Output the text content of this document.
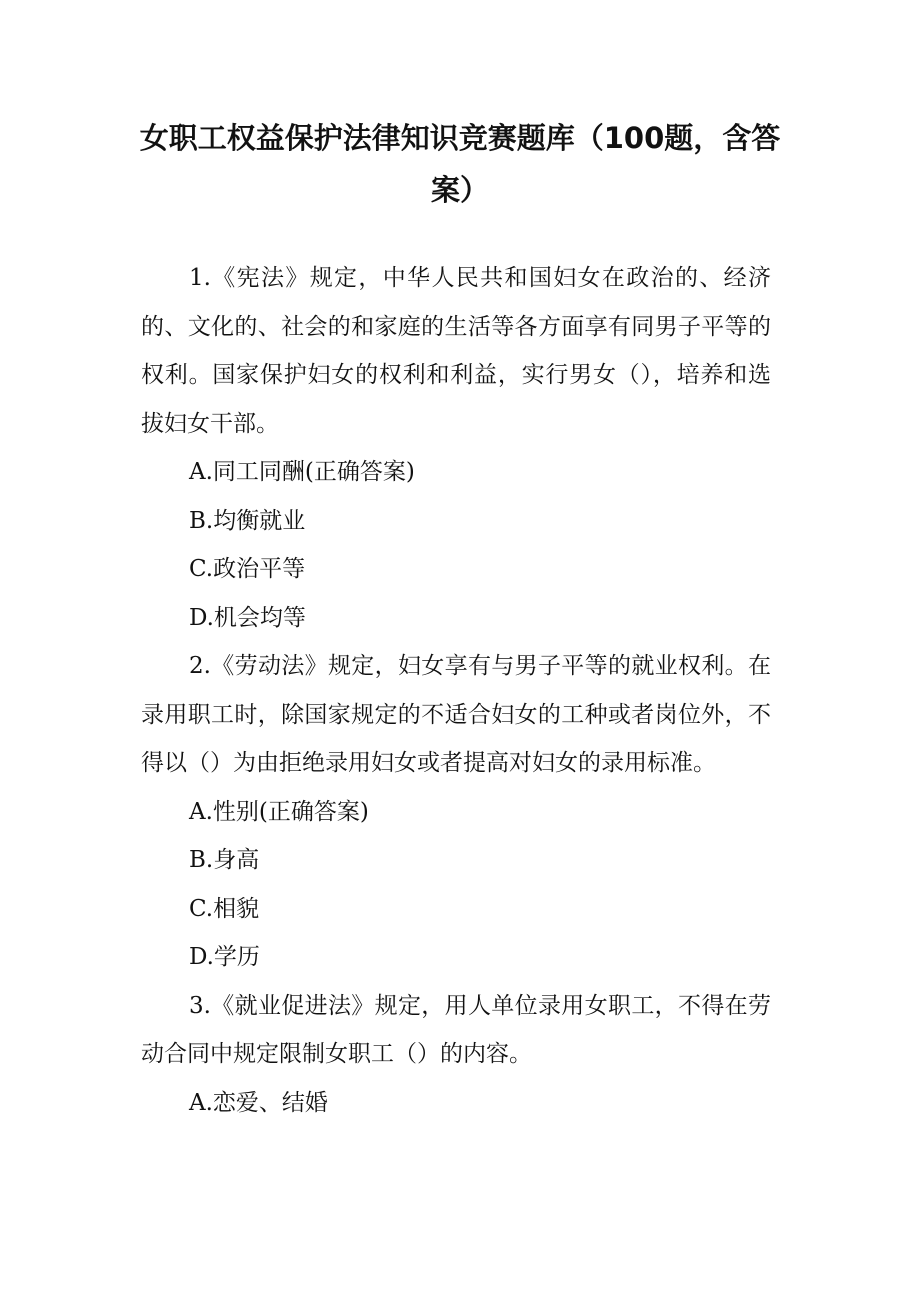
女职工权益保护法律知识竞赛题库（100题，含答案）

1.《宪法》规定，中华人民共和国妇女在政治的、经济的、文化的、社会的和家庭的生活等各方面享有同男子平等的权利。国家保护妇女的权利和利益，实行男女（），培养和选拔妇女干部。

A.同工同酬(正确答案)

B.均衡就业

C.政治平等

D.机会均等

2.《劳动法》规定，妇女享有与男子平等的就业权利。在录用职工时，除国家规定的不适合妇女的工种或者岗位外，不得以（）为由拒绝录用妇女或者提高对妇女的录用标准。

A.性别(正确答案)

B.身高

C.相貌

D.学历

3.《就业促进法》规定，用人单位录用女职工，不得在劳动合同中规定限制女职工（）的内容。

A.恋爱、结婚
